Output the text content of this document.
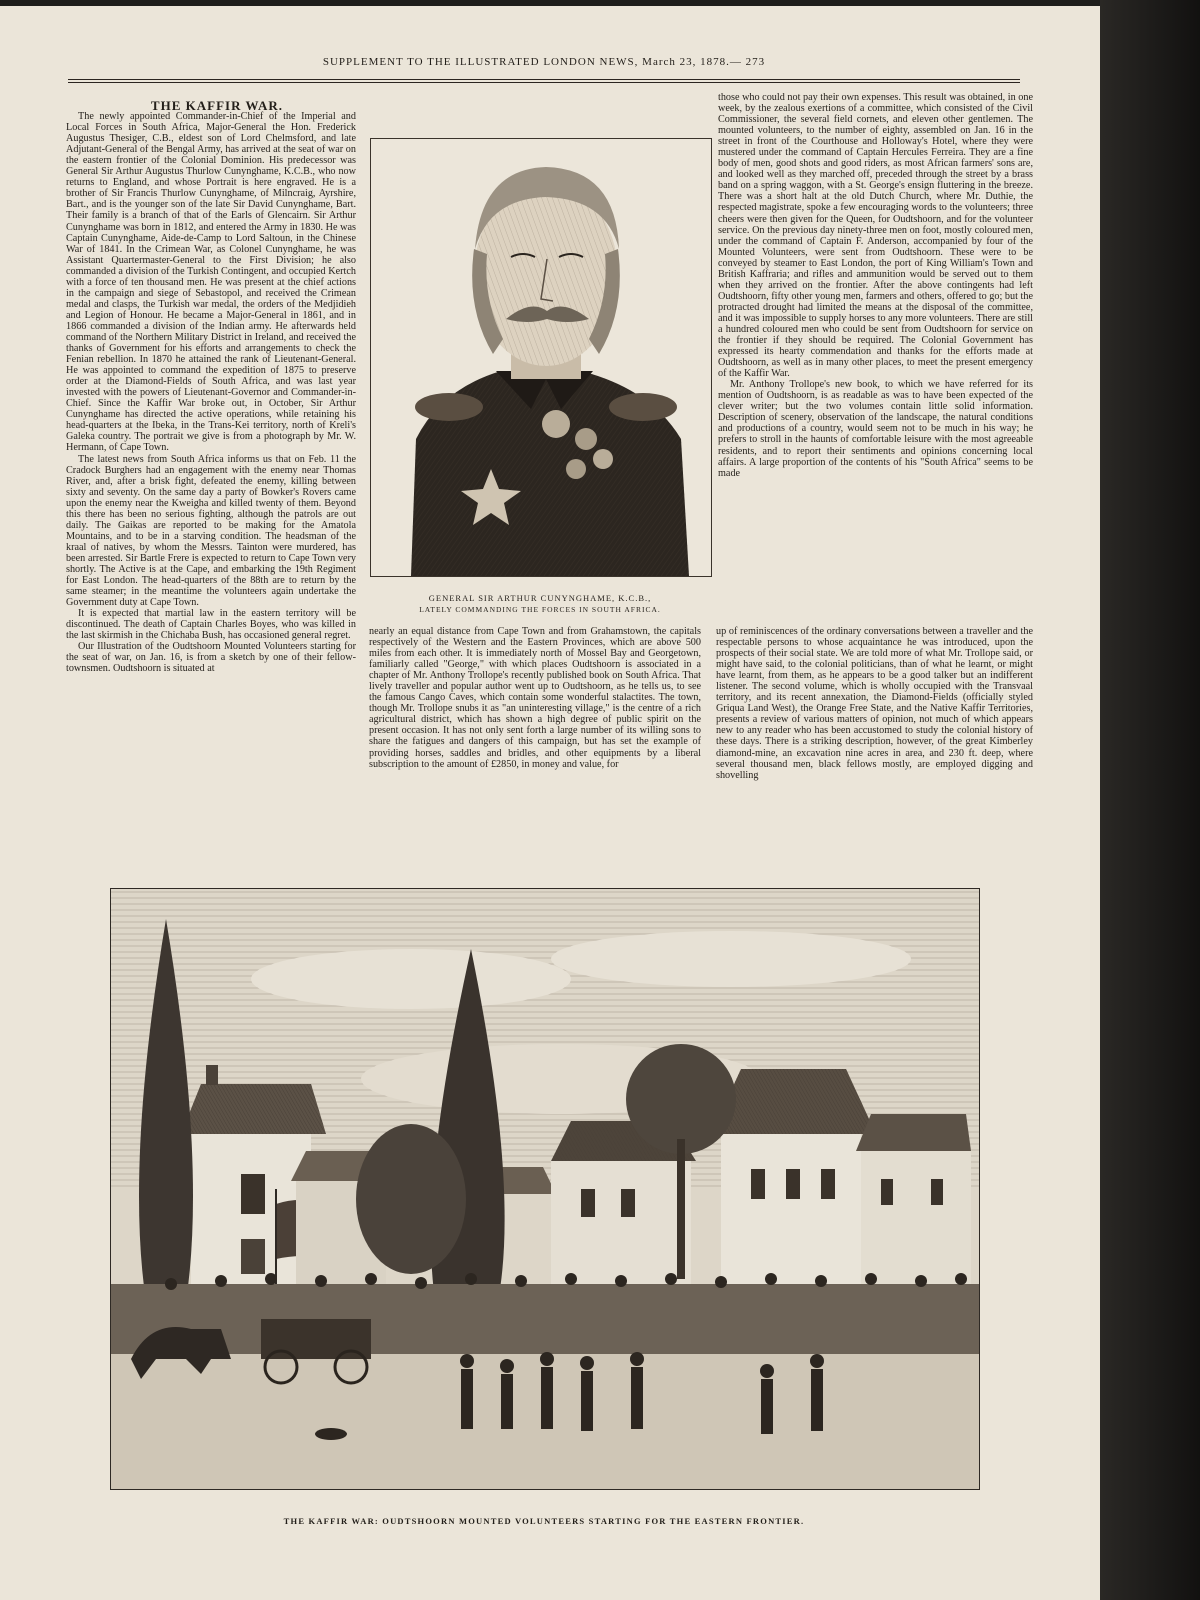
SUPPLEMENT TO THE ILLUSTRATED LONDON NEWS, March 23, 1878.— 273

THE KAFFIR WAR.

The newly appointed Commander-in-Chief of the Imperial and Local Forces in South Africa, Major-General the Hon. Frederick Augustus Thesiger, C.B., eldest son of Lord Chelmsford, and late Adjutant-General of the Bengal Army, has arrived at the seat of war on the eastern frontier of the Colonial Dominion. His predecessor was General Sir Arthur Augustus Thurlow Cunynghame, K.C.B., who now returns to England, and whose Portrait is here engraved. He is a brother of Sir Francis Thurlow Cunynghame, of Milncraig, Ayrshire, Bart., and is the younger son of the late Sir David Cunynghame, Bart. Their family is a branch of that of the Earls of Glencairn. Sir Arthur Cunynghame was born in 1812, and entered the Army in 1830. He was Captain Cunynghame, Aide-de-Camp to Lord Saltoun, in the Chinese War of 1841. In the Crimean War, as Colonel Cunynghame, he was Assistant Quartermaster-General to the First Division; he also commanded a division of the Turkish Contingent, and occupied Kertch with a force of ten thousand men. He was present at the chief actions in the campaign and siege of Sebastopol, and received the Crimean medal and clasps, the Turkish war medal, the orders of the Medjidieh and Legion of Honour. He became a Major-General in 1861, and in 1866 commanded a division of the Indian army. He afterwards held command of the Northern Military District in Ireland, and received the thanks of Government for his efforts and arrangements to check the Fenian rebellion. In 1870 he attained the rank of Lieutenant-General. He was appointed to command the expedition of 1875 to preserve order at the Diamond-Fields of South Africa, and was last year invested with the powers of Lieutenant-Governor and Commander-in-Chief. Since the Kaffir War broke out, in October, Sir Arthur Cunynghame has directed the active operations, while retaining his head-quarters at the Ibeka, in the Trans-Kei territory, north of Kreli's Galeka country. The portrait we give is from a photograph by Mr. W. Hermann, of Cape Town.

The latest news from South Africa informs us that on Feb. 11 the Cradock Burghers had an engagement with the enemy near Thomas River, and, after a brisk fight, defeated the enemy, killing between sixty and seventy. On the same day a party of Bowker's Rovers came upon the enemy near the Kweigha and killed twenty of them. Beyond this there has been no serious fighting, although the patrols are out daily. The Gaikas are reported to be making for the Amatola Mountains, and to be in a starving condition. The headsman of the kraal of natives, by whom the Messrs. Tainton were murdered, has been arrested. Sir Bartle Frere is expected to return to Cape Town very shortly. The Active is at the Cape, and embarking the 19th Regiment for East London. The head-quarters of the 88th are to return by the same steamer; in the meantime the volunteers again undertake the Government duty at Cape Town.

It is expected that martial law in the eastern territory will be discontinued. The death of Captain Charles Boyes, who was killed in the last skirmish in the Chichaba Bush, has occasioned general regret.

Our Illustration of the Oudtshoorn Mounted Volunteers starting for the seat of war, on Jan. 16, is from a sketch by one of their fellow-townsmen. Oudtshoorn is situated at

GENERAL SIR ARTHUR CUNYNGHAME, K.C.B.,
LATELY COMMANDING THE FORCES IN SOUTH AFRICA.

those who could not pay their own expenses. This result was obtained, in one week, by the zealous exertions of a committee, which consisted of the Civil Commissioner, the several field cornets, and eleven other gentlemen. The mounted volunteers, to the number of eighty, assembled on Jan. 16 in the street in front of the Courthouse and Holloway's Hotel, where they were mustered under the command of Captain Hercules Ferreira. They are a fine body of men, good shots and good riders, as most African farmers' sons are, and looked well as they marched off, preceded through the street by a brass band on a spring waggon, with a St. George's ensign fluttering in the breeze. There was a short halt at the old Dutch Church, where Mr. Duthie, the respected magistrate, spoke a few encouraging words to the volunteers; three cheers were then given for the Queen, for Oudtshoorn, and for the volunteer service. On the previous day ninety-three men on foot, mostly coloured men, under the command of Captain F. Anderson, accompanied by four of the Mounted Volunteers, were sent from Oudtshoorn. These were to be conveyed by steamer to East London, the port of King William's Town and British Kaffraria; and rifles and ammunition would be served out to them when they arrived on the frontier. After the above contingents had left Oudtshoorn, fifty other young men, farmers and others, offered to go; but the protracted drought had limited the means at the disposal of the committee, and it was impossible to supply horses to any more volunteers. There are still a hundred coloured men who could be sent from Oudtshoorn for service on the frontier if they should be required. The Colonial Government has expressed its hearty commendation and thanks for the efforts made at Oudtshoorn, as well as in many other places, to meet the present emergency of the Kaffir War.

Mr. Anthony Trollope's new book, to which we have referred for its mention of Oudtshoorn, is as readable as was to have been expected of the clever writer; but the two volumes contain little solid information. Description of scenery, observation of the landscape, the natural conditions and productions of a country, would seem not to be much in his way; he prefers to stroll in the haunts of comfortable leisure with the most agreeable residents, and to report their sentiments and opinions concerning local affairs. A large proportion of the contents of his "South Africa" seems to be made

nearly an equal distance from Cape Town and from Grahamstown, the capitals respectively of the Western and the Eastern Provinces, which are above 500 miles from each other. It is immediately north of Mossel Bay and Georgetown, familiarly called "George," with which places Oudtshoorn is associated in a chapter of Mr. Anthony Trollope's recently published book on South Africa. That lively traveller and popular author went up to Oudtshoorn, as he tells us, to see the famous Cango Caves, which contain some wonderful stalactites. The town, though Mr. Trollope snubs it as "an uninteresting village," is the centre of a rich agricultural district, which has shown a high degree of public spirit on the present occasion. It has not only sent forth a large number of its willing sons to share the fatigues and dangers of this campaign, but has set the example of providing horses, saddles and bridles, and other equipments by a liberal subscription to the amount of £2850, in money and value, for

up of reminiscences of the ordinary conversations between a traveller and the respectable persons to whose acquaintance he was introduced, upon the prospects of their social state. We are told more of what Mr. Trollope said, or might have said, to the colonial politicians, than of what he learnt, or might have learnt, from them, as he appears to be a good talker but an indifferent listener. The second volume, which is wholly occupied with the Transvaal territory, and its recent annexation, the Diamond-Fields (officially styled Griqua Land West), the Orange Free State, and the Native Kaffir Territories, presents a review of various matters of opinion, not much of which appears new to any reader who has been accustomed to study the colonial history of these days. There is a striking description, however, of the great Kimberley diamond-mine, an excavation nine acres in area, and 230 ft. deep, where several thousand men, black fellows mostly, are employed digging and shovelling

THE KAFFIR WAR: OUDTSHOORN MOUNTED VOLUNTEERS STARTING FOR THE EASTERN FRONTIER.
